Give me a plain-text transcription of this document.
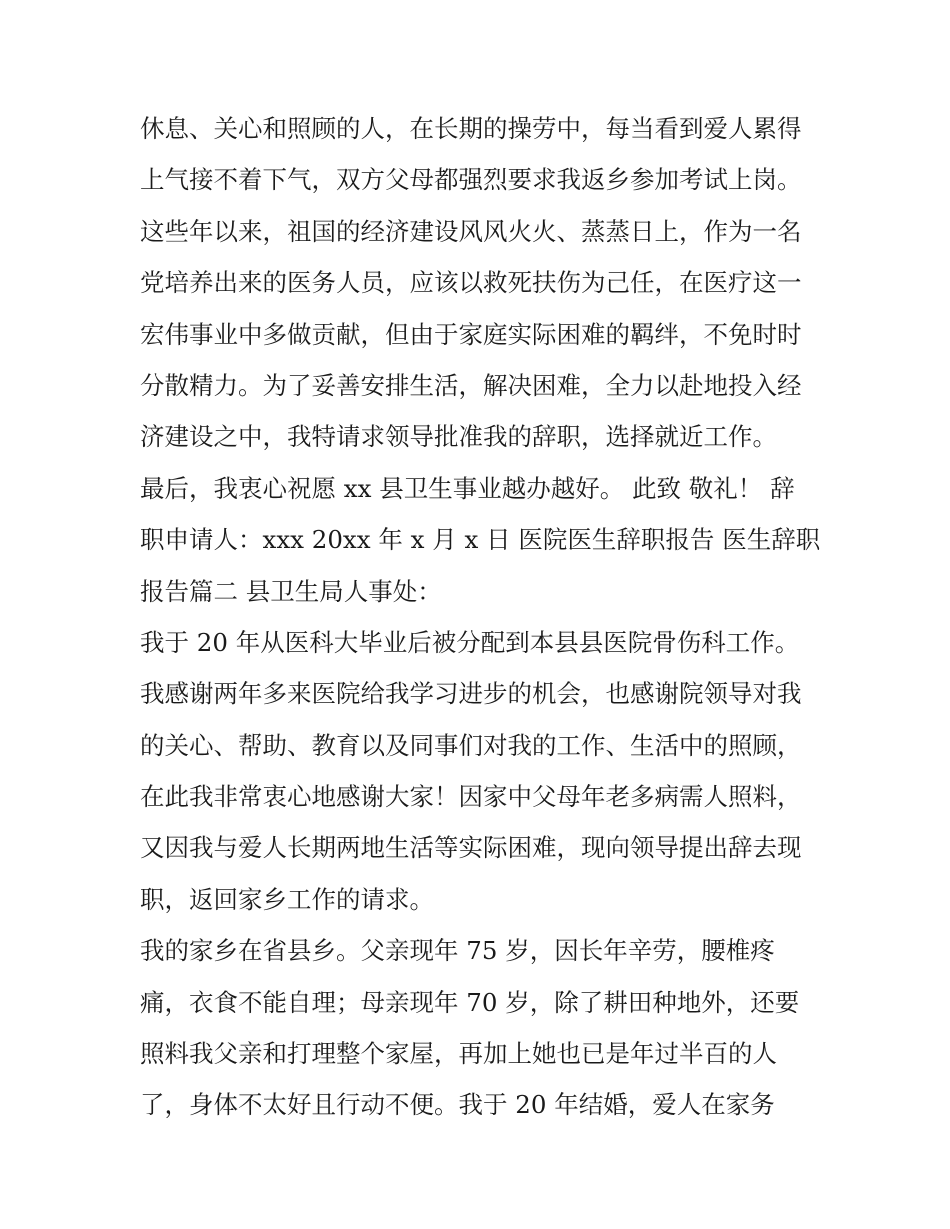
休息、关心和照顾的人，在长期的操劳中，每当看到爱人累得
上气接不着下气，双方父母都强烈要求我返乡参加考试上岗。
这些年以来，祖国的经济建设风风火火、蒸蒸日上，作为一名
党培养出来的医务人员，应该以救死扶伤为己任，在医疗这一
宏伟事业中多做贡献，但由于家庭实际困难的羁绊，不免时时
分散精力。为了妥善安排生活，解决困难，全力以赴地投入经
济建设之中，我特请求领导批准我的辞职，选择就近工作。
最后，我衷心祝愿 xx 县卫生事业越办越好。 此致 敬礼！ 辞
职申请人：xxx 20xx 年 x 月 x 日 医院医生辞职报告 医生辞职
报告篇二 县卫生局人事处：
我于 20 年从医科大毕业后被分配到本县县医院骨伤科工作。
我感谢两年多来医院给我学习进步的机会，也感谢院领导对我
的关心、帮助、教育以及同事们对我的工作、生活中的照顾，
在此我非常衷心地感谢大家！因家中父母年老多病需人照料，
又因我与爱人长期两地生活等实际困难，现向领导提出辞去现
职，返回家乡工作的请求。
我的家乡在省县乡。父亲现年 75 岁，因长年辛劳，腰椎疼
痛，衣食不能自理；母亲现年 70 岁，除了耕田种地外，还要
照料我父亲和打理整个家屋，再加上她也已是年过半百的人
了，身体不太好且行动不便。我于 20 年结婚，爱人在家务
